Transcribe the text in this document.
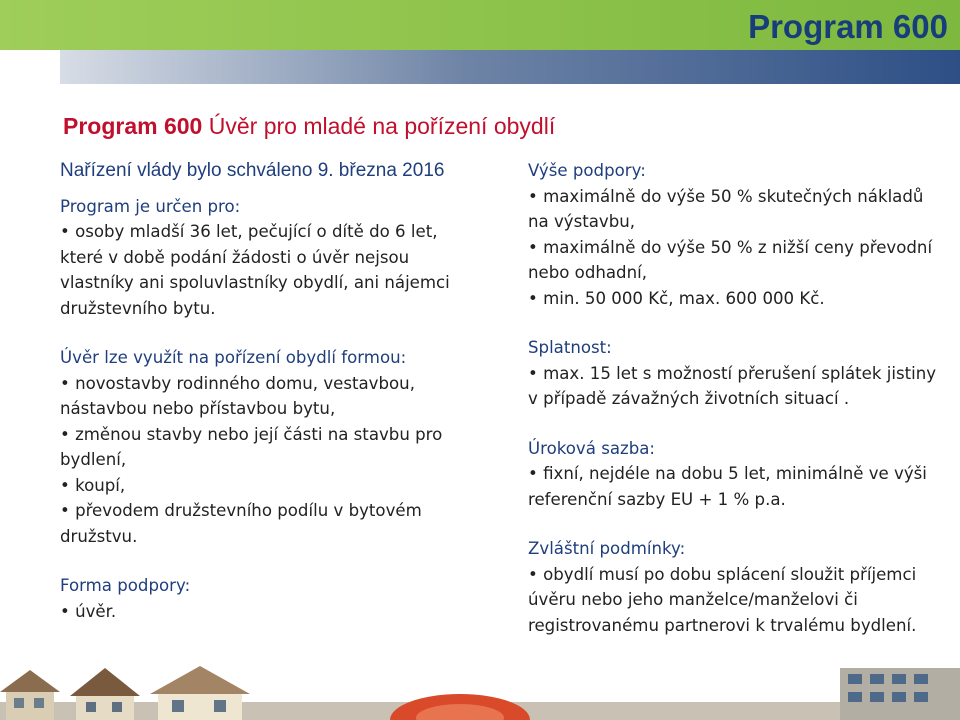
Program 600
Program 600 Úvěr pro mladé na pořízení obydlí
Nařízení vlády bylo schváleno 9. března 2016
Program je určen pro:
• osoby mladší 36 let, pečující o dítě do 6 let, které v době podání žádosti o úvěr nejsou vlastníky ani spoluvlastníky obydlí, ani nájemci družstevního bytu.
Úvěr lze využít na pořízení obydlí formou:
• novostavby rodinného domu, vestavbou, nástavbou nebo přístavbou bytu,
• změnou stavby nebo její části na stavbu pro bydlení,
• koupí,
• převodem družstevního podílu v bytovém družstvu.
Forma podpory:
• úvěr.
Výše podpory:
• maximálně do výše 50 % skutečných nákladů na výstavbu,
• maximálně do výše 50 % z nižší ceny převodní nebo odhadní,
• min. 50 000 Kč, max. 600 000 Kč.
Splatnost:
• max. 15 let s možností přerušení splátek jistiny v případě závažných životních situací .
Úroková sazba:
• fixní, nejdéle na dobu 5 let, minimálně ve výši referenční sazby EU + 1 % p.a.
Zvláštní podmínky:
• obydlí musí po dobu splácení sloužit příjemci úvěru nebo jeho manželce/manželovi či registrovanému partnerovi k trvalému bydlení.
